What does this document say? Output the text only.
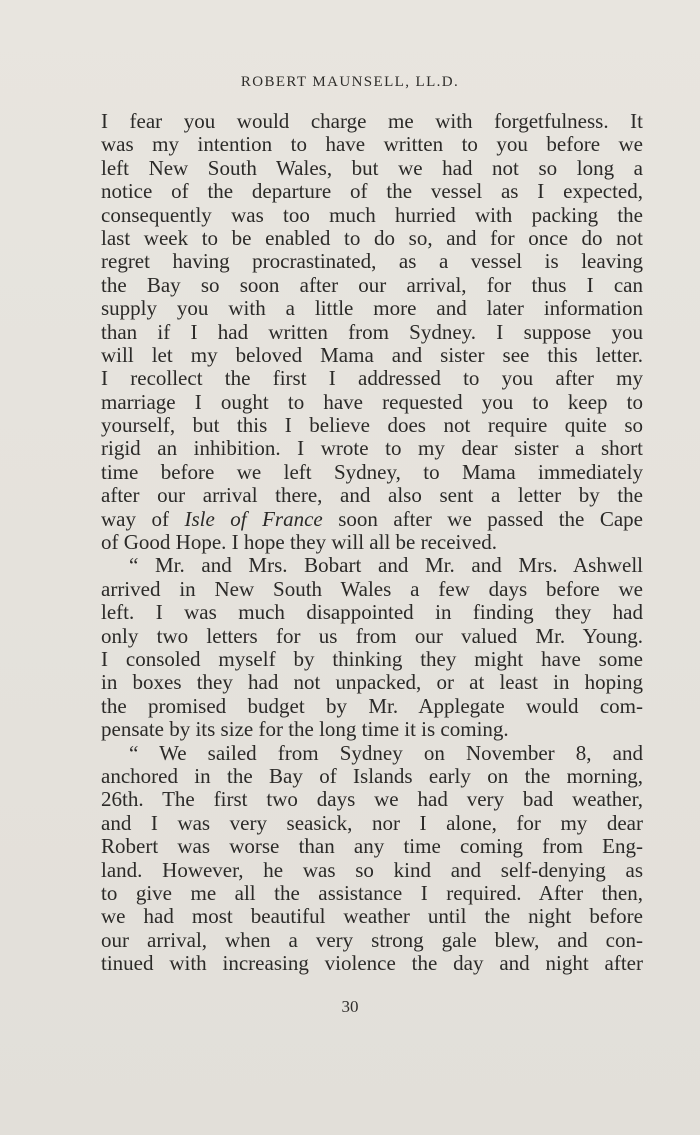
ROBERT MAUNSELL, LL.D.
I fear you would charge me with forgetfulness. It
was my intention to have written to you before we
left New South Wales, but we had not so long a
notice of the departure of the vessel as I expected,
consequently was too much hurried with packing the
last week to be enabled to do so, and for once do not
regret having procrastinated, as a vessel is leaving
the Bay so soon after our arrival, for thus I can
supply you with a little more and later information
than if I had written from Sydney. I suppose you
will let my beloved Mama and sister see this letter.
I recollect the first I addressed to you after my
marriage I ought to have requested you to keep to
yourself, but this I believe does not require quite so
rigid an inhibition. I wrote to my dear sister a short
time before we left Sydney, to Mama immediately
after our arrival there, and also sent a letter by the
way of Isle of France soon after we passed the Cape
of Good Hope. I hope they will all be received.
“ Mr. and Mrs. Bobart and Mr. and Mrs. Ashwell
arrived in New South Wales a few days before we
left. I was much disappointed in finding they had
only two letters for us from our valued Mr. Young.
I consoled myself by thinking they might have some
in boxes they had not unpacked, or at least in hoping
the promised budget by Mr. Applegate would com-
pensate by its size for the long time it is coming.
“ We sailed from Sydney on November 8, and
anchored in the Bay of Islands early on the morning,
26th. The first two days we had very bad weather,
and I was very seasick, nor I alone, for my dear
Robert was worse than any time coming from Eng-
land. However, he was so kind and self-denying as
to give me all the assistance I required. After then,
we had most beautiful weather until the night before
our arrival, when a very strong gale blew, and con-
tinued with increasing violence the day and night after
30
